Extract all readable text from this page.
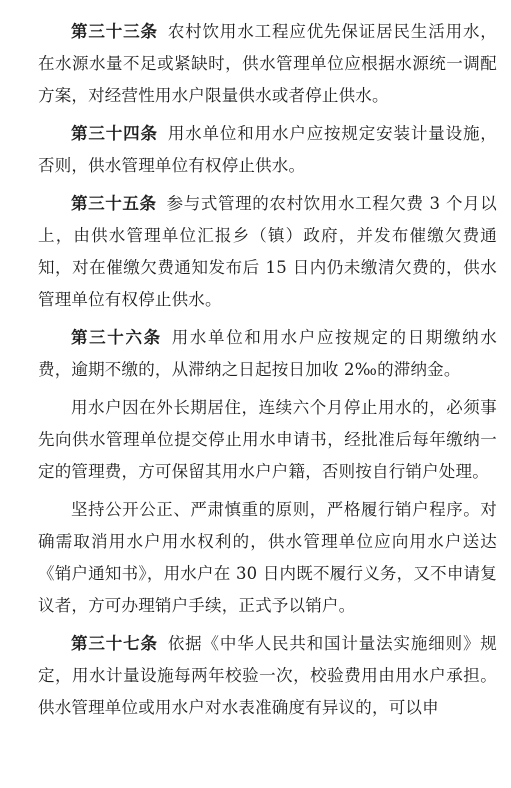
第三十三条 农村饮用水工程应优先保证居民生活用水，在水源水量不足或紧缺时，供水管理单位应根据水源统一调配方案，对经营性用水户限量供水或者停止供水。

第三十四条 用水单位和用水户应按规定安装计量设施，否则，供水管理单位有权停止供水。

第三十五条 参与式管理的农村饮用水工程欠费 3 个月以上，由供水管理单位汇报乡（镇）政府，并发布催缴欠费通知，对在催缴欠费通知发布后 15 日内仍未缴清欠费的，供水管理单位有权停止供水。

第三十六条 用水单位和用水户应按规定的日期缴纳水费，逾期不缴的，从滞纳之日起按日加收 2‰的滞纳金。

用水户因在外长期居住，连续六个月停止用水的，必须事先向供水管理单位提交停止用水申请书，经批准后每年缴纳一定的管理费，方可保留其用水户户籍，否则按自行销户处理。

坚持公开公正、严肃慎重的原则，严格履行销户程序。对确需取消用水户用水权利的，供水管理单位应向用水户送达《销户通知书》，用水户在 30 日内既不履行义务，又不申请复议者，方可办理销户手续，正式予以销户。

第三十七条 依据《中华人民共和国计量法实施细则》规定，用水计量设施每两年校验一次，校验费用由用水户承担。供水管理单位或用水户对水表准确度有异议的，可以申
